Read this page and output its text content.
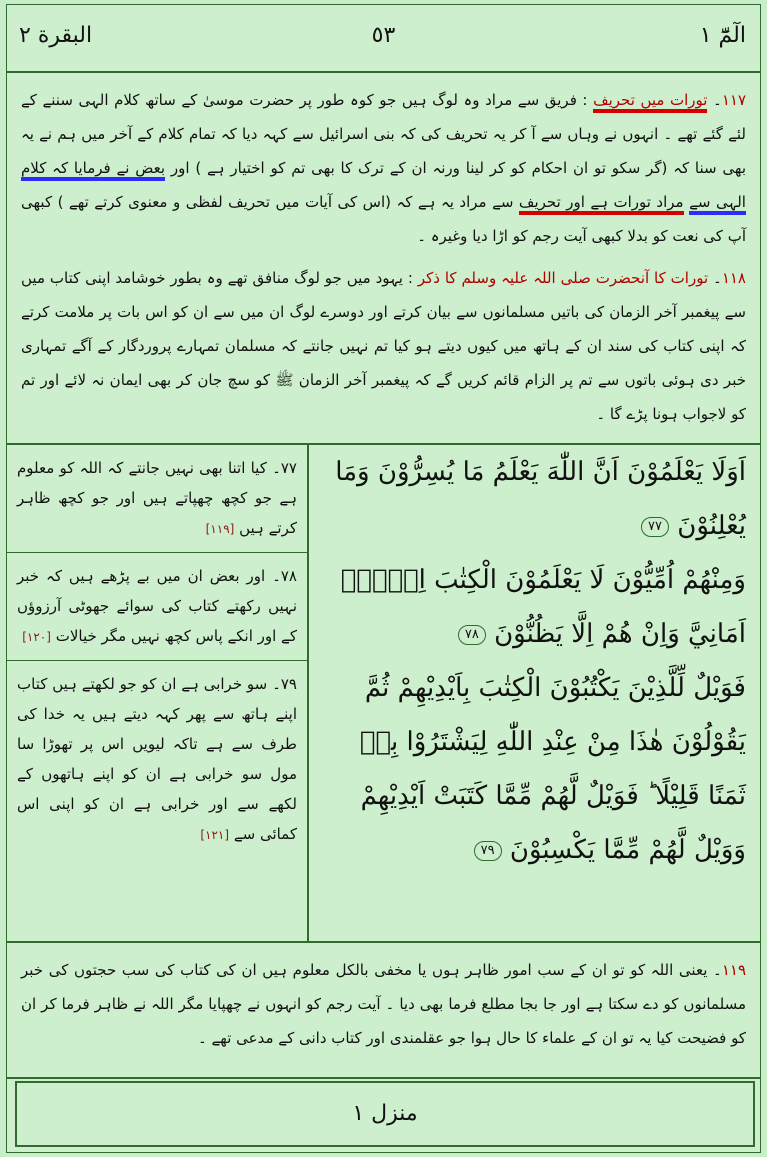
البقرة ٢	٥٣	الٓمّٓ ١

١١٧۔ تورات میں تحریف : فریق سے مراد وہ لوگ ہیں جو کوہ طور پر حضرت موسیٰ کے ساتھ کلام الہی سننے کے لئے گئے تھے ۔ انہوں نے وہاں سے آ کر یہ تحریف کی کہ بنی اسرائیل سے کہہ دیا کہ تمام کلام کے آخر میں ہم نے یہ بھی سنا کہ (گر سکو تو ان احکام کو کر لینا ورنہ ان کے ترک کا بھی تم کو اختیار ہے ) اور بعض نے فرمایا کہ کلام الہی سے مراد تورات ہے اور تحریف سے مراد یہ ہے کہ (اس کی آیات میں تحریف لفظی و معنوی کرتے تھے ) کبھی آپ کی نعت کو بدلا کبھی آیت رجم کو اڑا دیا وغیرہ ۔

١١٨۔ تورات کا آنحضرت صلی اللہ علیہ وسلم کا ذکر : یہود میں جو لوگ منافق تھے وہ بطور خوشامد اپنی کتاب میں سے پیغمبر آخر الزمان کی باتیں مسلمانوں سے بیان کرتے اور دوسرے لوگ ان میں سے ان کو اس بات پر ملامت کرتے کہ اپنی کتاب کی سند ان کے ہاتھ میں کیوں دیتے ہو کیا تم نہیں جانتے کہ مسلمان تمہارے پروردگار کے آگے تمہاری خبر دی ہوئی باتوں سے تم پر الزام قائم کریں گے کہ پیغمبر آخر الزمان ﷺ کو سچ جان کر بھی ایمان نہ لائے اور تم کو لاجواب ہونا پڑے گا ۔

٧٧۔ کیا اتنا بھی نہیں جانتے کہ اللہ کو معلوم ہے جو کچھ چھپاتے ہیں اور جو کچھ ظاہر کرتے ہیں [١١٩]
٧٨۔ اور بعض ان میں بے پڑھے ہیں کہ خبر نہیں رکھتے کتاب کی سوائے جھوٹی آرزوؤں کے اور انکے پاس کچھ نہیں مگر خیالات [١٢٠]
٧٩۔ سو خرابی ہے ان کو جو لکھتے ہیں کتاب اپنے ہاتھ سے پھر کہہ دیتے ہیں یہ خدا کی طرف سے ہے تاکہ لیویں اس پر تھوڑا سا مول سو خرابی ہے ان کو اپنے ہاتھوں کے لکھے سے اور خرابی ہے ان کو اپنی اس کمائی سے [١٢١]

اَوَلَا يَعْلَمُوْنَ اَنَّ اللّٰهَ يَعْلَمُ مَا يُسِرُّوْنَ وَمَا يُعْلِنُوْنَ ٧٧

وَمِنْهُمْ اُمِّيُّوْنَ لَا يَعْلَمُوْنَ الْكِتٰبَ اِلَّاۤ اَمَانِيَّ وَاِنْ هُمْ اِلَّا يَظُنُّوْنَ ٧٨

فَوَيْلٌ لِّلَّذِيْنَ يَكْتُبُوْنَ الْكِتٰبَ بِاَيْدِيْهِمْ ثُمَّ يَقُوْلُوْنَ هٰذَا مِنْ عِنْدِ اللّٰهِ لِيَشْتَرُوْا بِهٖ ثَمَنًا قَلِيْلًا ؕ فَوَيْلٌ لَّهُمْ مِّمَّا كَتَبَتْ اَيْدِيْهِمْ وَوَيْلٌ لَّهُمْ مِّمَّا يَكْسِبُوْنَ ٧٩

١١٩۔ یعنی اللہ کو تو ان کے سب امور ظاہر ہوں یا مخفی بالکل معلوم ہیں ان کی کتاب کی سب حجتوں کی خبر مسلمانوں کو دے سکتا ہے اور جا بجا مطلع فرما بھی دیا ۔ آیت رجم کو انہوں نے چھپایا مگر اللہ نے ظاہر فرما کر ان کو فضیحت کیا یہ تو ان کے علماء کا حال ہوا جو عقلمندی اور کتاب دانی کے مدعی تھے ۔

منزل ١
